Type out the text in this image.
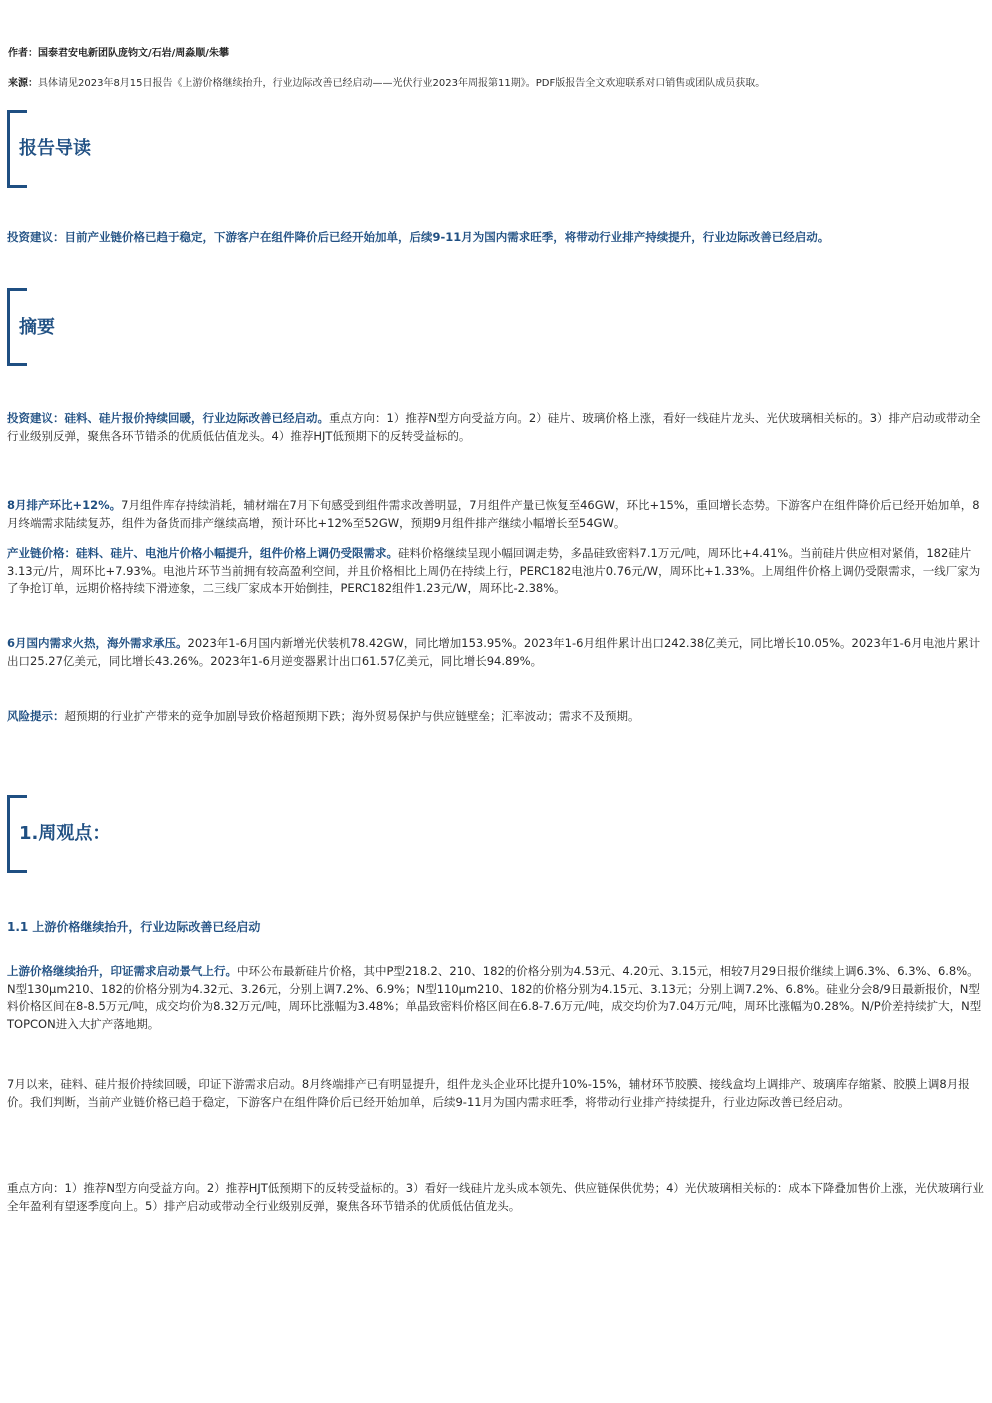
作者：国泰君安电新团队庞钧文/石岩/周淼顺/朱攀
来源：具体请见2023年8月15日报告《上游价格继续抬升，行业边际改善已经启动——光伏行业2023年周报第11期》。PDF版报告全文欢迎联系对口销售或团队成员获取。
报告导读
投资建议：目前产业链价格已趋于稳定，下游客户在组件降价后已经开始加单，后续9-11月为国内需求旺季，将带动行业排产持续提升，行业边际改善已经启动。
摘要
投资建议：硅料、硅片报价持续回暖，行业边际改善已经启动。重点方向：1）推荐N型方向受益方向。2）硅片、玻璃价格上涨，看好一线硅片龙头、光伏玻璃相关标的。3）排产启动或带动全行业级别反弹，聚焦各环节错杀的优质低估值龙头。4）推荐HJT低预期下的反转受益标的。
8月排产环比+12%。7月组件库存持续消耗，辅材端在7月下旬感受到组件需求改善明显，7月组件产量已恢复至46GW，环比+15%，重回增长态势。下游客户在组件降价后已经开始加单，8月终端需求陆续复苏，组件为备货而排产继续高增，预计环比+12%至52GW，预期9月组件排产继续小幅增长至54GW。
产业链价格：硅料、硅片、电池片价格小幅提升，组件价格上调仍受限需求。硅料价格继续呈现小幅回调走势，多晶硅致密料7.1万元/吨，周环比+4.41%。当前硅片供应相对紧俏，182硅片3.13元/片，周环比+7.93%。电池片环节当前拥有较高盈利空间，并且价格相比上周仍在持续上行，PERC182电池片0.76元/W，周环比+1.33%。上周组件价格上调仍受限需求，一线厂家为了争抢订单，远期价格持续下滑迹象，二三线厂家成本开始倒挂，PERC182组件1.23元/W，周环比-2.38%。
6月国内需求火热，海外需求承压。2023年1-6月国内新增光伏装机78.42GW，同比增加153.95%。2023年1-6月组件累计出口242.38亿美元，同比增长10.05%。2023年1-6月电池片累计出口25.27亿美元，同比增长43.26%。2023年1-6月逆变器累计出口61.57亿美元，同比增长94.89%。
风险提示：超预期的行业扩产带来的竞争加剧导致价格超预期下跌；海外贸易保护与供应链壁垒；汇率波动；需求不及预期。
1.周观点：
1.1 上游价格继续抬升，行业边际改善已经启动
上游价格继续抬升，印证需求启动景气上行。中环公布最新硅片价格，其中P型218.2、210、182的价格分别为4.53元、4.20元、3.15元，相较7月29日报价继续上调6.3%、6.3%、6.8%。N型130μm210、182的价格分别为4.32元、3.26元，分别上调7.2%、6.9%；N型110μm210、182的价格分别为4.15元、3.13元；分别上调7.2%、6.8%。硅业分会8/9日最新报价，N型料价格区间在8-8.5万元/吨，成交均价为8.32万元/吨，周环比涨幅为3.48%；单晶致密料价格区间在6.8-7.6万元/吨，成交均价为7.04万元/吨，周环比涨幅为0.28%。N/P价差持续扩大，N型TOPCON进入大扩产落地期。
7月以来，硅料、硅片报价持续回暖，印证下游需求启动。8月终端排产已有明显提升，组件龙头企业环比提升10%-15%，辅材环节胶膜、接线盒均上调排产、玻璃库存缩紧、胶膜上调8月报价。我们判断，当前产业链价格已趋于稳定，下游客户在组件降价后已经开始加单，后续9-11月为国内需求旺季，将带动行业排产持续提升，行业边际改善已经启动。
重点方向：1）推荐N型方向受益方向。2）推荐HJT低预期下的反转受益标的。3）看好一线硅片龙头成本领先、供应链保供优势；4）光伏玻璃相关标的：成本下降叠加售价上涨，光伏玻璃行业全年盈利有望逐季度向上。5）排产启动或带动全行业级别反弹，聚焦各环节错杀的优质低估值龙头。
